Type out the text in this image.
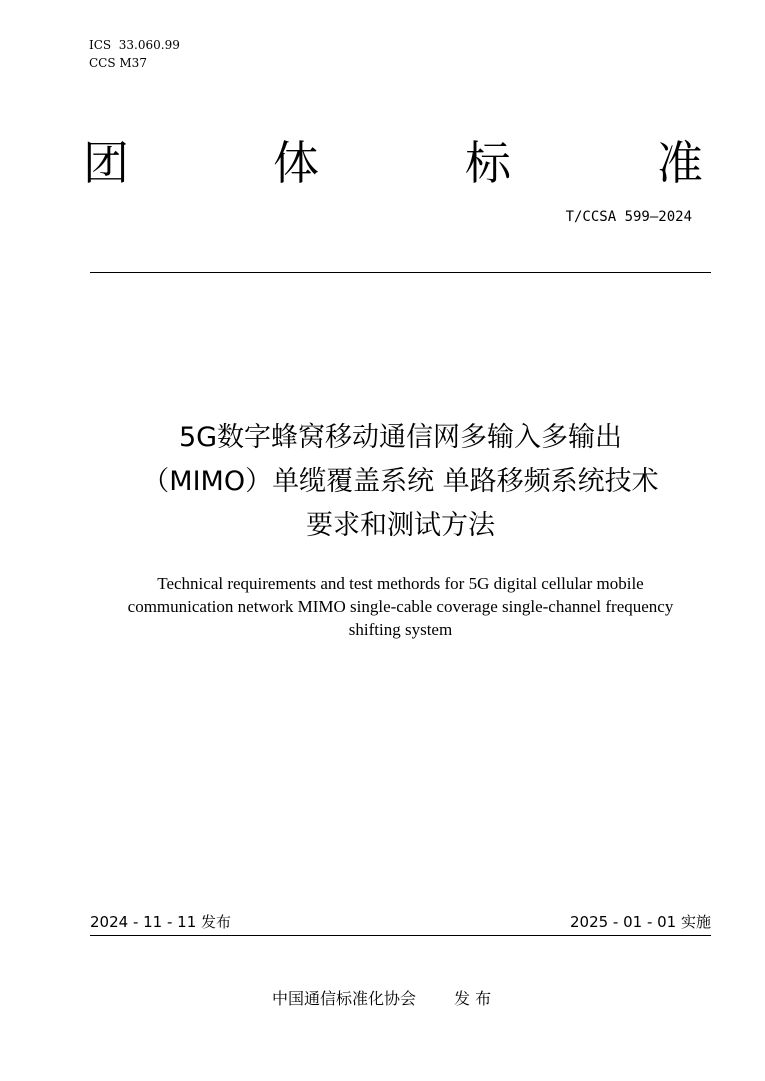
ICS  33.060.99
CCS M37
团	体	标	准
T/CCSA 599—2024
5G数字蜂窝移动通信网多输入多输出
（MIMO）单缆覆盖系统 单路移频系统技术
要求和测试方法
Technical requirements and test methords for 5G digital cellular mobile
communication network MIMO single-cable coverage single-channel frequency
shifting system
2024 - 11 - 11 发布	2025 - 01 - 01 实施
中国通信标准化协会 发 布
